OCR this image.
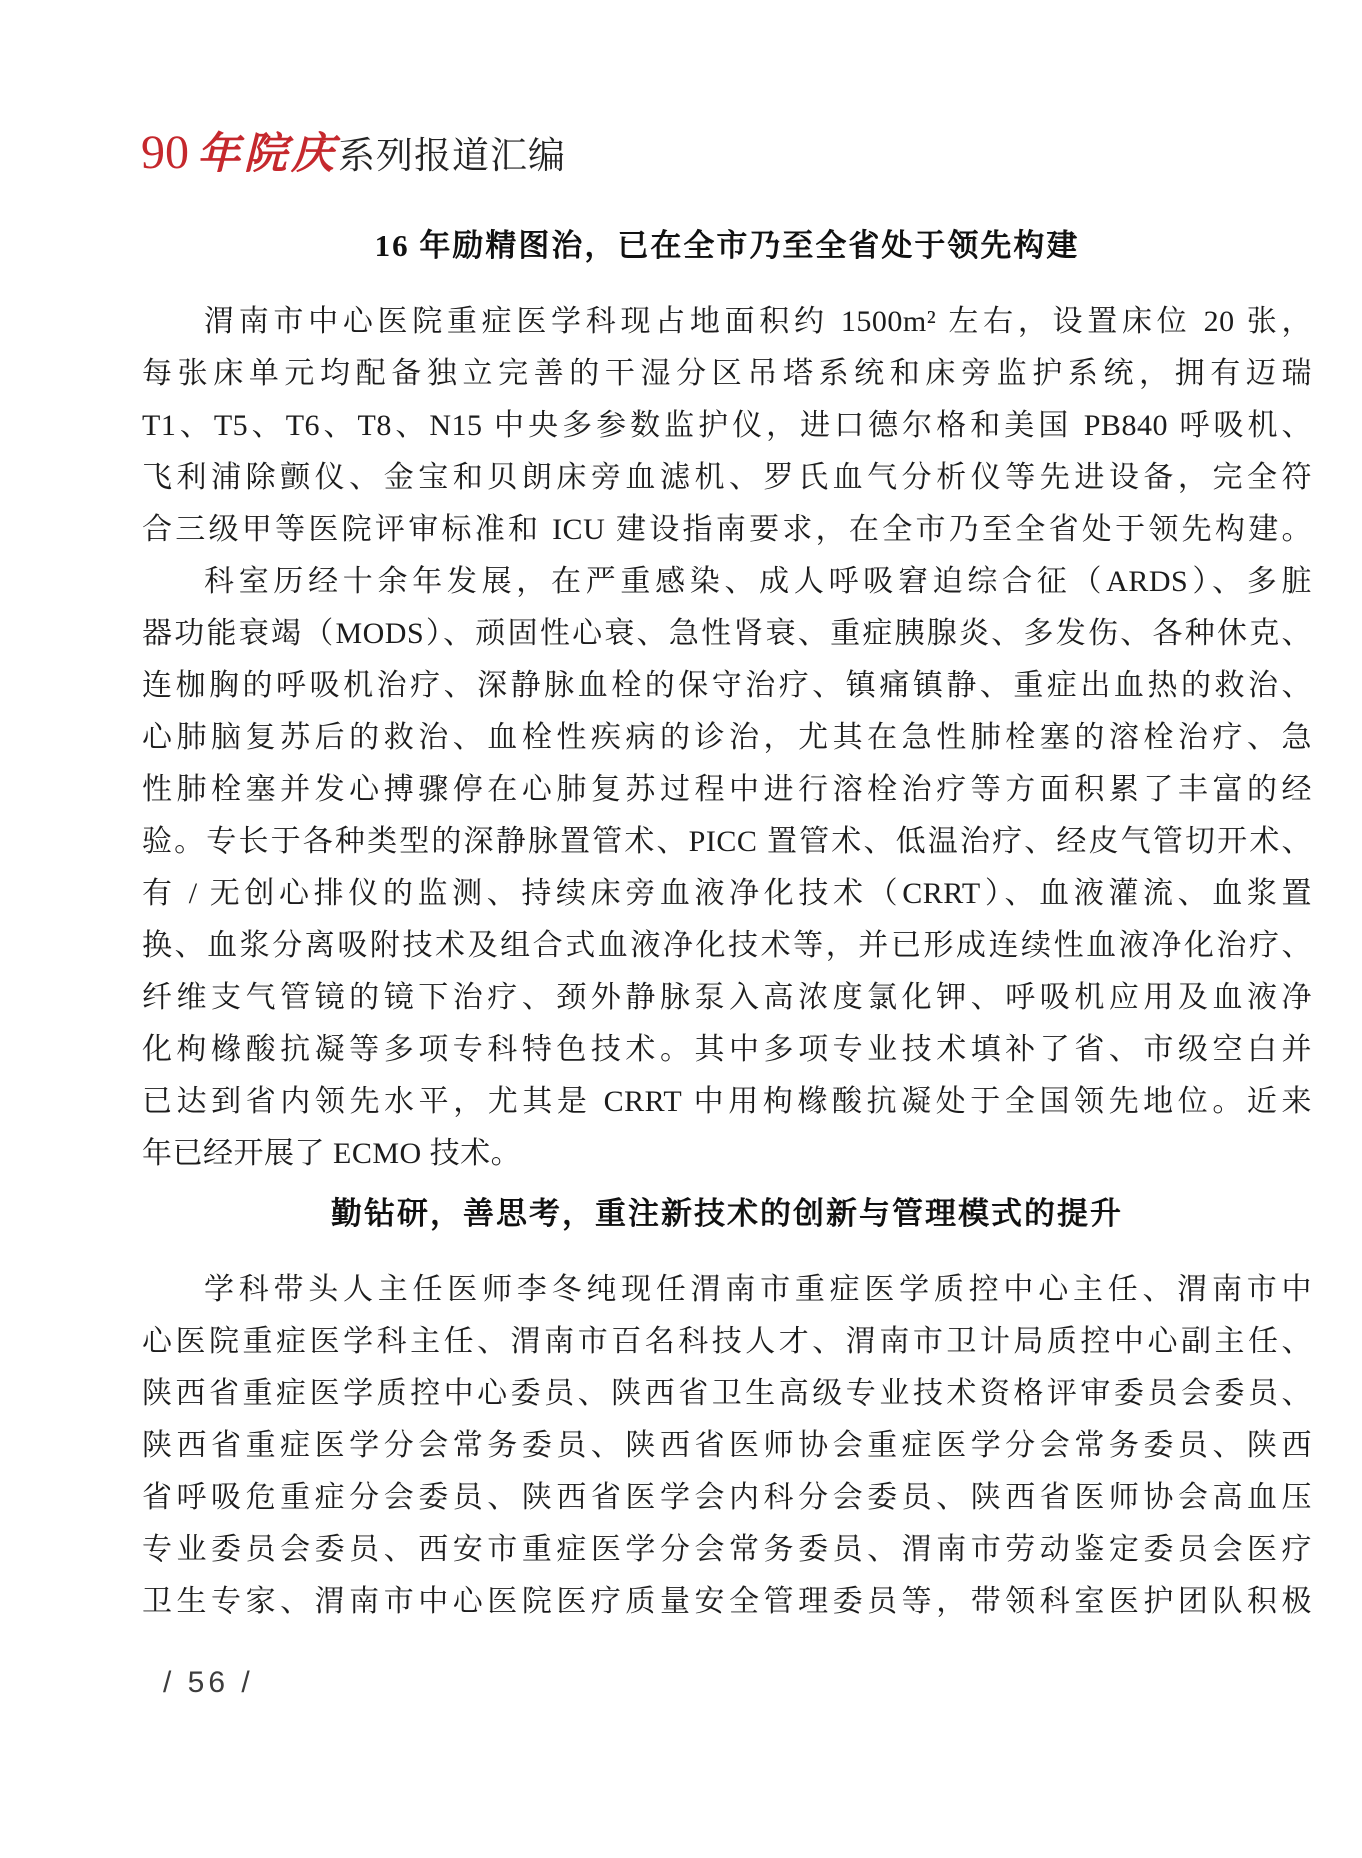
90 年院庆系列报道汇编
16 年励精图治，已在全市乃至全省处于领先构建
渭南市中心医院重症医学科现占地面积约 1500m² 左右，设置床位 20 张，
每张床单元均配备独立完善的干湿分区吊塔系统和床旁监护系统，拥有迈瑞
T1、T5、T6、T8、N15 中央多参数监护仪，进口德尔格和美国 PB840 呼吸机、
飞利浦除颤仪、金宝和贝朗床旁血滤机、罗氏血气分析仪等先进设备，完全符
合三级甲等医院评审标准和 ICU 建设指南要求，在全市乃至全省处于领先构建。
科室历经十余年发展，在严重感染、成人呼吸窘迫综合征（ARDS）、多脏
器功能衰竭（MODS）、顽固性心衰、急性肾衰、重症胰腺炎、多发伤、各种休克、
连枷胸的呼吸机治疗、深静脉血栓的保守治疗、镇痛镇静、重症出血热的救治、
心肺脑复苏后的救治、血栓性疾病的诊治，尤其在急性肺栓塞的溶栓治疗、急
性肺栓塞并发心搏骤停在心肺复苏过程中进行溶栓治疗等方面积累了丰富的经
验。专长于各种类型的深静脉置管术、PICC 置管术、低温治疗、经皮气管切开术、
有 / 无创心排仪的监测、持续床旁血液净化技术（CRRT）、血液灌流、血浆置
换、血浆分离吸附技术及组合式血液净化技术等，并已形成连续性血液净化治疗、
纤维支气管镜的镜下治疗、颈外静脉泵入高浓度氯化钾、呼吸机应用及血液净
化枸橼酸抗凝等多项专科特色技术。其中多项专业技术填补了省、市级空白并
已达到省内领先水平，尤其是 CRRT 中用枸橼酸抗凝处于全国领先地位。近来
年已经开展了 ECMO 技术。
勤钻研，善思考，重注新技术的创新与管理模式的提升
学科带头人主任医师李冬纯现任渭南市重症医学质控中心主任、渭南市中
心医院重症医学科主任、渭南市百名科技人才、渭南市卫计局质控中心副主任、
陕西省重症医学质控中心委员、陕西省卫生高级专业技术资格评审委员会委员、
陕西省重症医学分会常务委员、陕西省医师协会重症医学分会常务委员、陕西
省呼吸危重症分会委员、陕西省医学会内科分会委员、陕西省医师协会高血压
专业委员会委员、西安市重症医学分会常务委员、渭南市劳动鉴定委员会医疗
卫生专家、渭南市中心医院医疗质量安全管理委员等，带领科室医护团队积极
/ 56 /
